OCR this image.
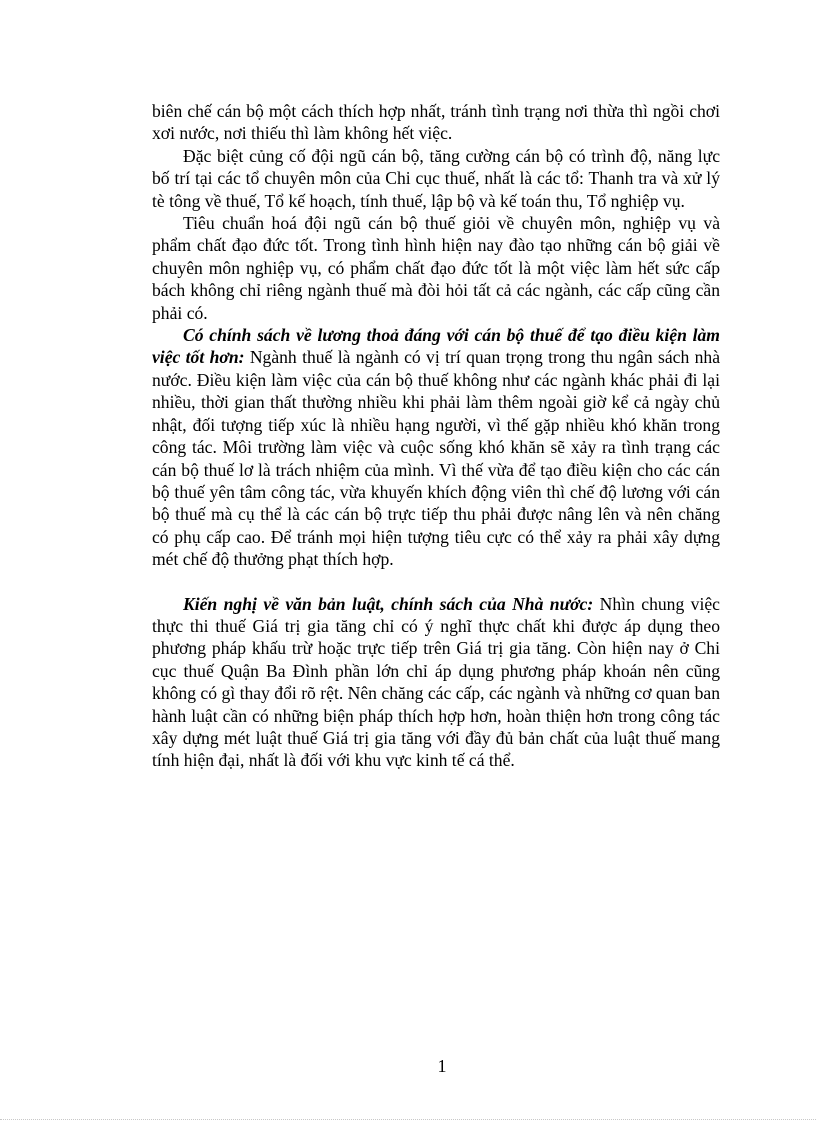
biên chế cán bộ một cách thích hợp nhất, tránh tình trạng nơi thừa thì ngồi chơi xơi nước, nơi thiếu thì làm không hết việc.

Đặc biệt củng cố đội ngũ cán bộ, tăng cường cán bộ có trình độ, năng lực bố trí tại các tổ chuyên môn của Chi cục thuế, nhất là các tổ: Thanh tra và xử lý tè tông về thuế, Tổ kế hoạch, tính thuế, lập bộ và kế toán thu, Tổ nghiệp vụ.

Tiêu chuẩn hoá đội ngũ cán bộ thuế giỏi về chuyên môn, nghiệp vụ và phẩm chất đạo đức tốt. Trong tình hình hiện nay đào tạo những cán bộ giải về chuyên môn nghiệp vụ, có phẩm chất đạo đức tốt là một việc làm hết sức cấp bách không chỉ riêng ngành thuế mà đòi hỏi tất cả các ngành, các cấp cũng cần phải có.

Có chính sách về lương thoả đáng với cán bộ thuế để tạo điều kiện làm việc tốt hơn: Ngành thuế là ngành có vị trí quan trọng trong thu ngân sách nhà nước. Điều kiện làm việc của cán bộ thuế không như các ngành khác phải đi lại nhiều, thời gian thất thường nhiều khi phải làm thêm ngoài giờ kể cả ngày chủ nhật, đối tượng tiếp xúc là nhiều hạng người, vì thế gặp nhiều khó khăn trong công tác. Môi trường làm việc và cuộc sống khó khăn sẽ xảy ra tình trạng các cán bộ thuế lơ là trách nhiệm của mình. Vì thế vừa để tạo điều kiện cho các cán bộ thuế yên tâm công tác, vừa khuyến khích động viên thì chế độ lương với cán bộ thuế mà cụ thể là các cán bộ trực tiếp thu phải được nâng lên và nên chăng có phụ cấp cao. Để tránh mọi hiện tượng tiêu cực có thể xảy ra phải xây dựng mét chế độ thưởng phạt thích hợp.

Kiến nghị về văn bản luật, chính sách của Nhà nước: Nhìn chung việc thực thi thuế Giá trị gia tăng chỉ có ý nghĩ thực chất khi được áp dụng theo phương pháp khấu trừ hoặc trực tiếp trên Giá trị gia tăng. Còn hiện nay ở Chi cục thuế Quận Ba Đình phần lớn chỉ áp dụng phương pháp khoán nên cũng không có gì thay đổi rõ rệt. Nên chăng các cấp, các ngành và những cơ quan ban hành luật cần có những biện pháp thích hợp hơn, hoàn thiện hơn trong công tác xây dựng mét luật thuế Giá trị gia tăng với đầy đủ bản chất của luật thuế mang tính hiện đại, nhất là đối với khu vực kinh tế cá thể.

1
